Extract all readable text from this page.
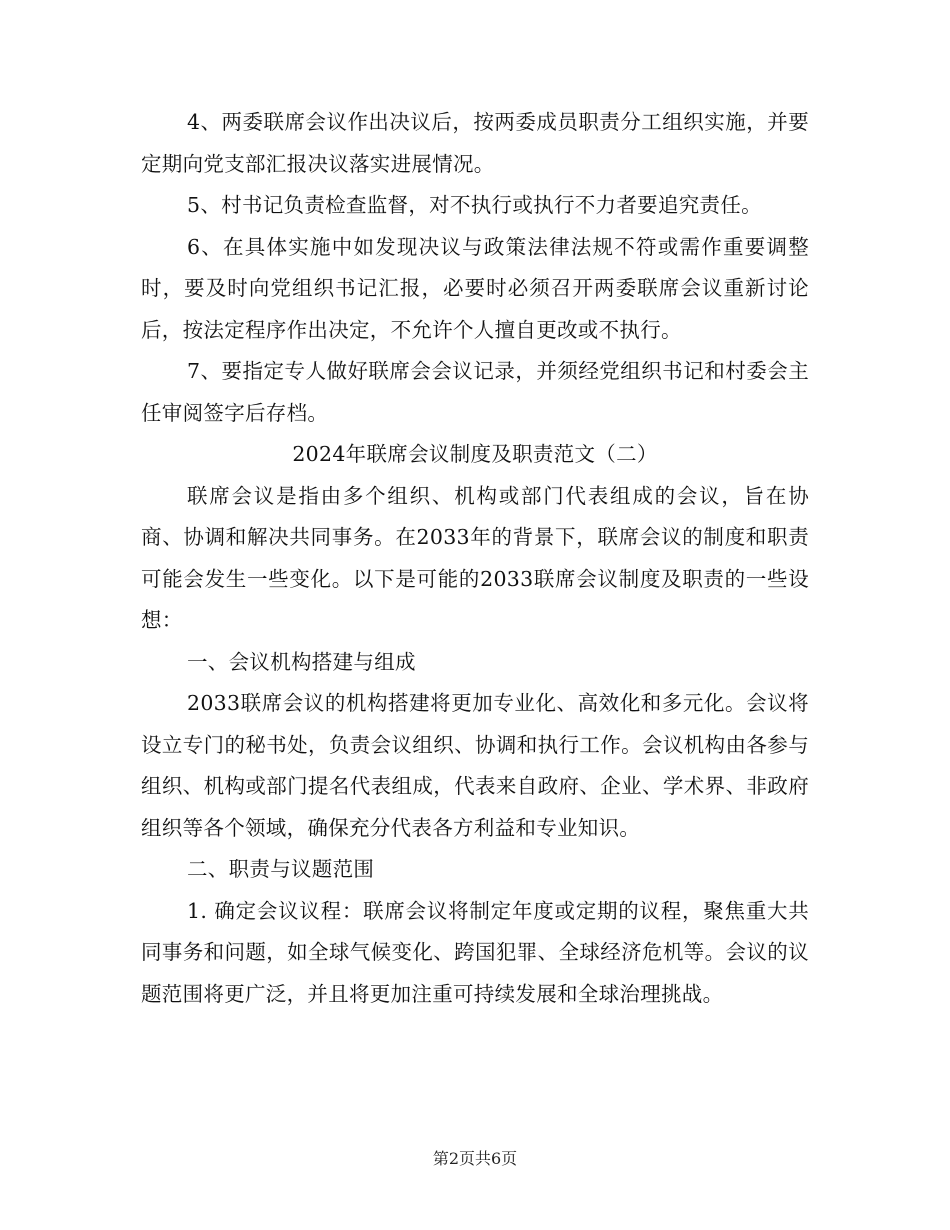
4、两委联席会议作出决议后，按两委成员职责分工组织实施，并要定期向党支部汇报决议落实进展情况。

5、村书记负责检查监督，对不执行或执行不力者要追究责任。

6、在具体实施中如发现决议与政策法律法规不符或需作重要调整时，要及时向党组织书记汇报，必要时必须召开两委联席会议重新讨论后，按法定程序作出决定，不允许个人擅自更改或不执行。

7、要指定专人做好联席会会议记录，并须经党组织书记和村委会主任审阅签字后存档。

2024年联席会议制度及职责范文（二）

联席会议是指由多个组织、机构或部门代表组成的会议，旨在协商、协调和解决共同事务。在2033年的背景下，联席会议的制度和职责可能会发生一些变化。以下是可能的2033联席会议制度及职责的一些设想：

一、会议机构搭建与组成

2033联席会议的机构搭建将更加专业化、高效化和多元化。会议将设立专门的秘书处，负责会议组织、协调和执行工作。会议机构由各参与组织、机构或部门提名代表组成，代表来自政府、企业、学术界、非政府组织等各个领域，确保充分代表各方利益和专业知识。

二、职责与议题范围

1. 确定会议议程：联席会议将制定年度或定期的议程，聚焦重大共同事务和问题，如全球气候变化、跨国犯罪、全球经济危机等。会议的议题范围将更广泛，并且将更加注重可持续发展和全球治理挑战。

第2页共6页
